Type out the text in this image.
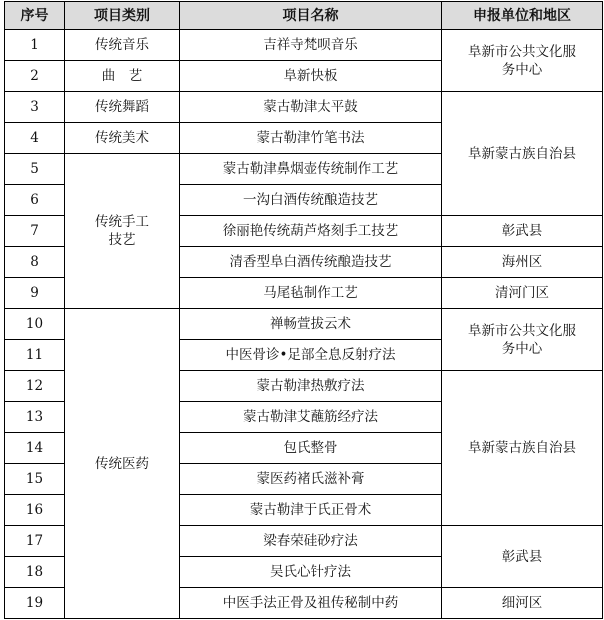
序号	项目类别	项目名称	申报单位和地区
1	传统音乐	吉祥寺梵呗音乐	阜新市公共文化服务中心
2	曲　艺	阜新快板	
3	传统舞蹈	蒙古勒津太平鼓	阜新蒙古族自治县
4	传统美术	蒙古勒津竹笔书法	
5	传统手工技艺	蒙古勒津鼻烟壶传统制作工艺	
6		一沟白酒传统酿造技艺	
7		徐丽艳传统葫芦烙刻手工技艺	彰武县
8		清香型阜白酒传统酿造技艺	海州区
9		马尾毡制作工艺	清河门区
10	传统医药	禅畅萱拔云术	阜新市公共文化服务中心
11		中医骨诊•足部全息反射疗法	
12		蒙古勒津热敷疗法	阜新蒙古族自治县
13		蒙古勒津艾蘸筋经疗法	
14		包氏整骨	
15		蒙医药褚氏滋补膏	
16		蒙古勒津于氏正骨术	
17		梁春荣硅砂疗法	彰武县
18		吴氏心针疗法	
19		中医手法正骨及祖传秘制中药	细河区
